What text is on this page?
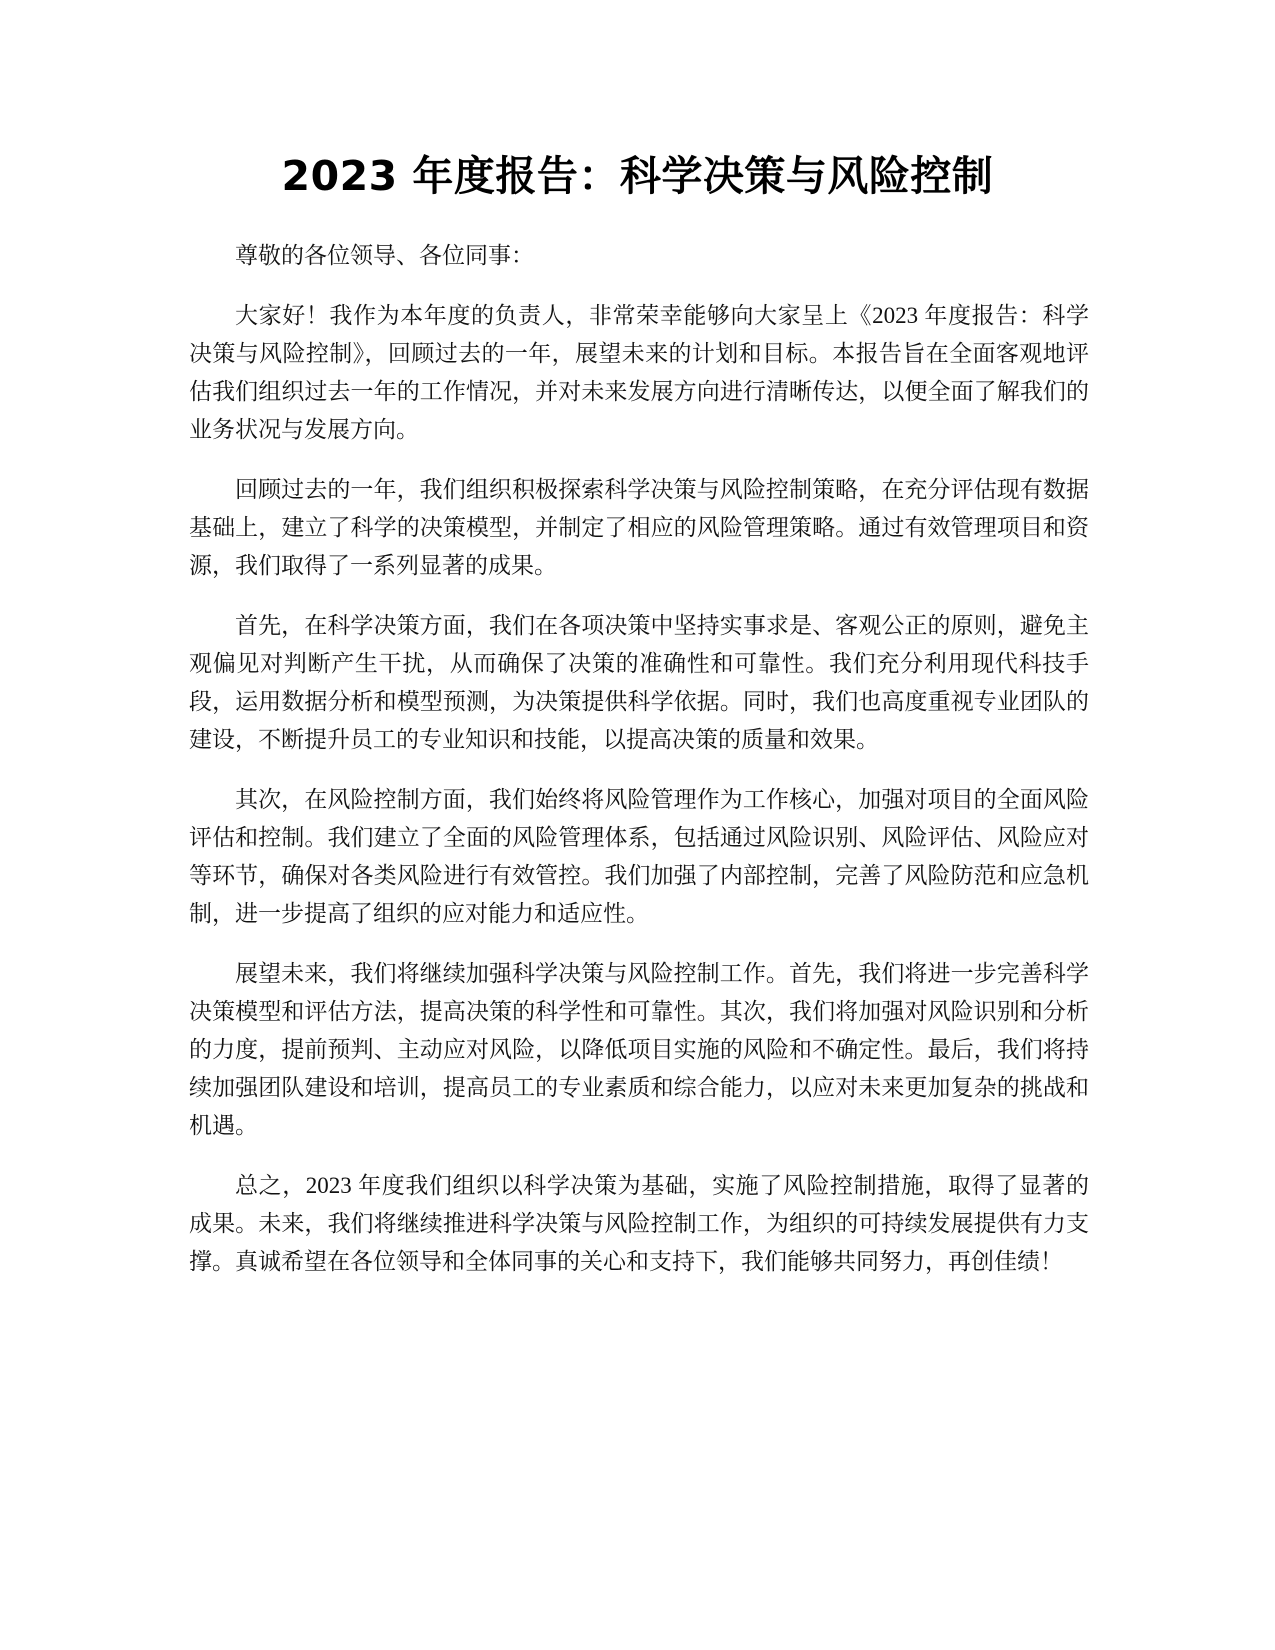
2023 年度报告：科学决策与风险控制

尊敬的各位领导、各位同事：

大家好！我作为本年度的负责人，非常荣幸能够向大家呈上《2023 年度报告：科学决策与风险控制》，回顾过去的一年，展望未来的计划和目标。本报告旨在全面客观地评估我们组织过去一年的工作情况，并对未来发展方向进行清晰传达，以便全面了解我们的业务状况与发展方向。

回顾过去的一年，我们组织积极探索科学决策与风险控制策略，在充分评估现有数据基础上，建立了科学的决策模型，并制定了相应的风险管理策略。通过有效管理项目和资源，我们取得了一系列显著的成果。

首先，在科学决策方面，我们在各项决策中坚持实事求是、客观公正的原则，避免主观偏见对判断产生干扰，从而确保了决策的准确性和可靠性。我们充分利用现代科技手段，运用数据分析和模型预测，为决策提供科学依据。同时，我们也高度重视专业团队的建设，不断提升员工的专业知识和技能，以提高决策的质量和效果。

其次，在风险控制方面，我们始终将风险管理作为工作核心，加强对项目的全面风险评估和控制。我们建立了全面的风险管理体系，包括通过风险识别、风险评估、风险应对等环节，确保对各类风险进行有效管控。我们加强了内部控制，完善了风险防范和应急机制，进一步提高了组织的应对能力和适应性。

展望未来，我们将继续加强科学决策与风险控制工作。首先，我们将进一步完善科学决策模型和评估方法，提高决策的科学性和可靠性。其次，我们将加强对风险识别和分析的力度，提前预判、主动应对风险，以降低项目实施的风险和不确定性。最后，我们将持续加强团队建设和培训，提高员工的专业素质和综合能力，以应对未来更加复杂的挑战和机遇。

总之，2023 年度我们组织以科学决策为基础，实施了风险控制措施，取得了显著的成果。未来，我们将继续推进科学决策与风险控制工作，为组织的可持续发展提供有力支撑。真诚希望在各位领导和全体同事的关心和支持下，我们能够共同努力，再创佳绩！
